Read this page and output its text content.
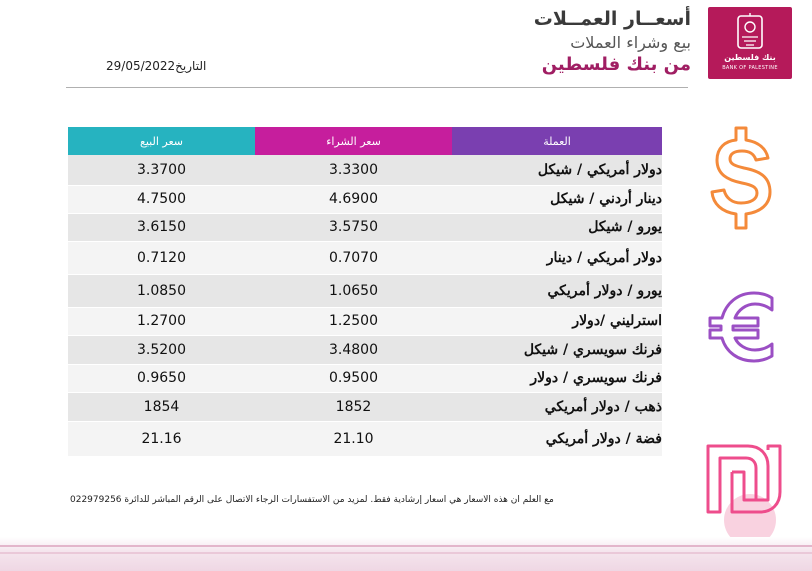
بنك فلسطين
BANK OF PALESTINE
أسعــار العمــلات
بيع وشراء العملات
من بنك فلسطين
29/05/2022التاريخ
سعر البيع	سعر الشراء	العملة
3.3700	3.3300	دولار أمريكي / شيكل
4.7500	4.6900	دينار أردني / شيكل
3.6150	3.5750	يورو / شيكل
0.7120	0.7070	دولار أمريكي / دينار
1.0850	1.0650	يورو / دولار أمريكي
1.2700	1.2500	استرليني /دولار
3.5200	3.4800	فرنك سويسري / شيكل
0.9650	0.9500	فرنك سويسري / دولار
1854	1852	ذهب / دولار أمريكي
21.16	21.10	فضة / دولار أمريكي
022979256 مع العلم أن هذه الأسعار هي أسعار إرشادية فقط. لمزيد من الاستفسارات الرجاء الاتصال على الرقم المباشر للدائرة
